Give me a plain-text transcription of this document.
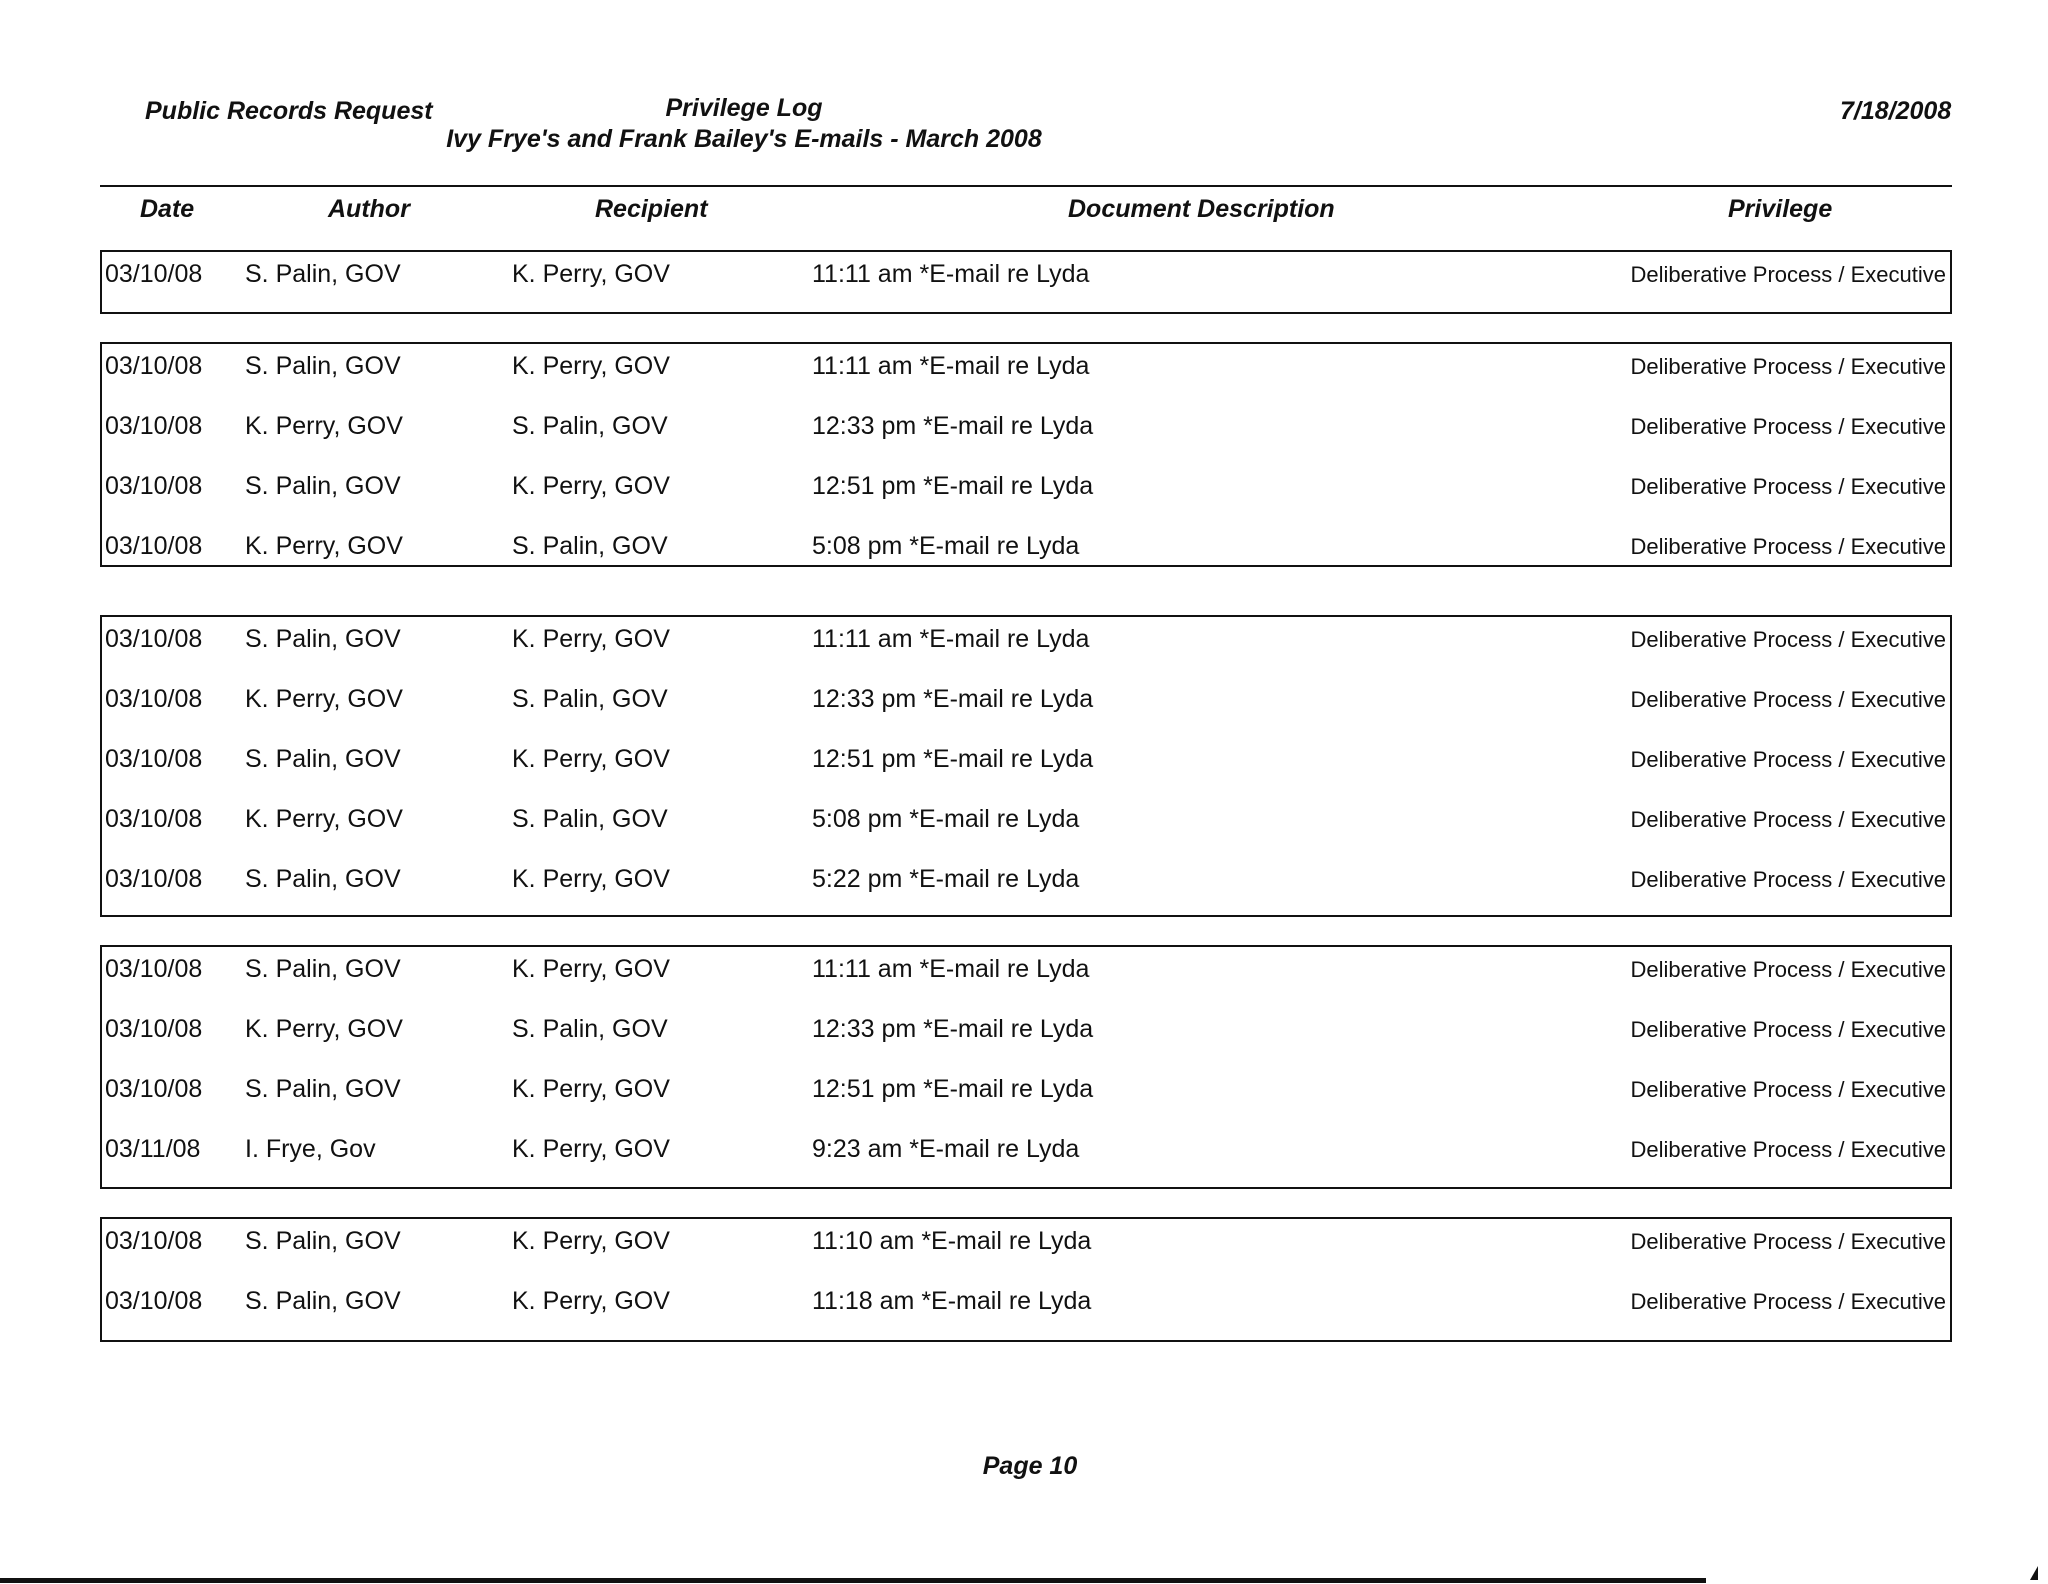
Public Records Request	Privilege Log
Ivy Frye's and Frank Bailey's E-mails - March 2008
7/18/2008
Date	Author	Recipient	Document Description	Privilege
03/10/08 S. Palin, GOV	K. Perry, GOV	11:11 am *E-mail re Lyda	Deliberative Process / Executive
03/10/08 S. Palin, GOV	K. Perry, GOV	11:11 am *E-mail re Lyda	Deliberative Process / Executive
03/10/08 K. Perry, GOV	S. Palin, GOV	12:33 pm *E-mail re Lyda	Deliberative Process / Executive
03/10/08 S. Palin, GOV	K. Perry, GOV	12:51 pm *E-mail re Lyda	Deliberative Process / Executive
03/10/08 K. Perry, GOV	S. Palin, GOV	5:08 pm *E-mail re Lyda	Deliberative Process / Executive
03/10/08 S. Palin, GOV	K. Perry, GOV	11:11 am *E-mail re Lyda	Deliberative Process / Executive
03/10/08 K. Perry, GOV	S. Palin, GOV	12:33 pm *E-mail re Lyda	Deliberative Process / Executive
03/10/08 S. Palin, GOV	K. Perry, GOV	12:51 pm *E-mail re Lyda	Deliberative Process / Executive
03/10/08 K. Perry, GOV	S. Palin, GOV	5:08 pm *E-mail re Lyda	Deliberative Process / Executive
03/10/08 S. Palin, GOV	K. Perry, GOV	5:22 pm *E-mail re Lyda	Deliberative Process / Executive
03/10/08 S. Palin, GOV	K. Perry, GOV	11:11 am *E-mail re Lyda	Deliberative Process / Executive
03/10/08 K. Perry, GOV	S. Palin, GOV	12:33 pm *E-mail re Lyda	Deliberative Process / Executive
03/10/08 S. Palin, GOV	K. Perry, GOV	12:51 pm *E-mail re Lyda	Deliberative Process / Executive
03/11/08 I. Frye, Gov	K. Perry, GOV	9:23 am *E-mail re Lyda	Deliberative Process / Executive
03/10/08 S. Palin, GOV	K. Perry, GOV	11:10 am *E-mail re Lyda	Deliberative Process / Executive
03/10/08 S. Palin, GOV	K. Perry, GOV	11:18 am *E-mail re Lyda	Deliberative Process / Executive
Page 10
